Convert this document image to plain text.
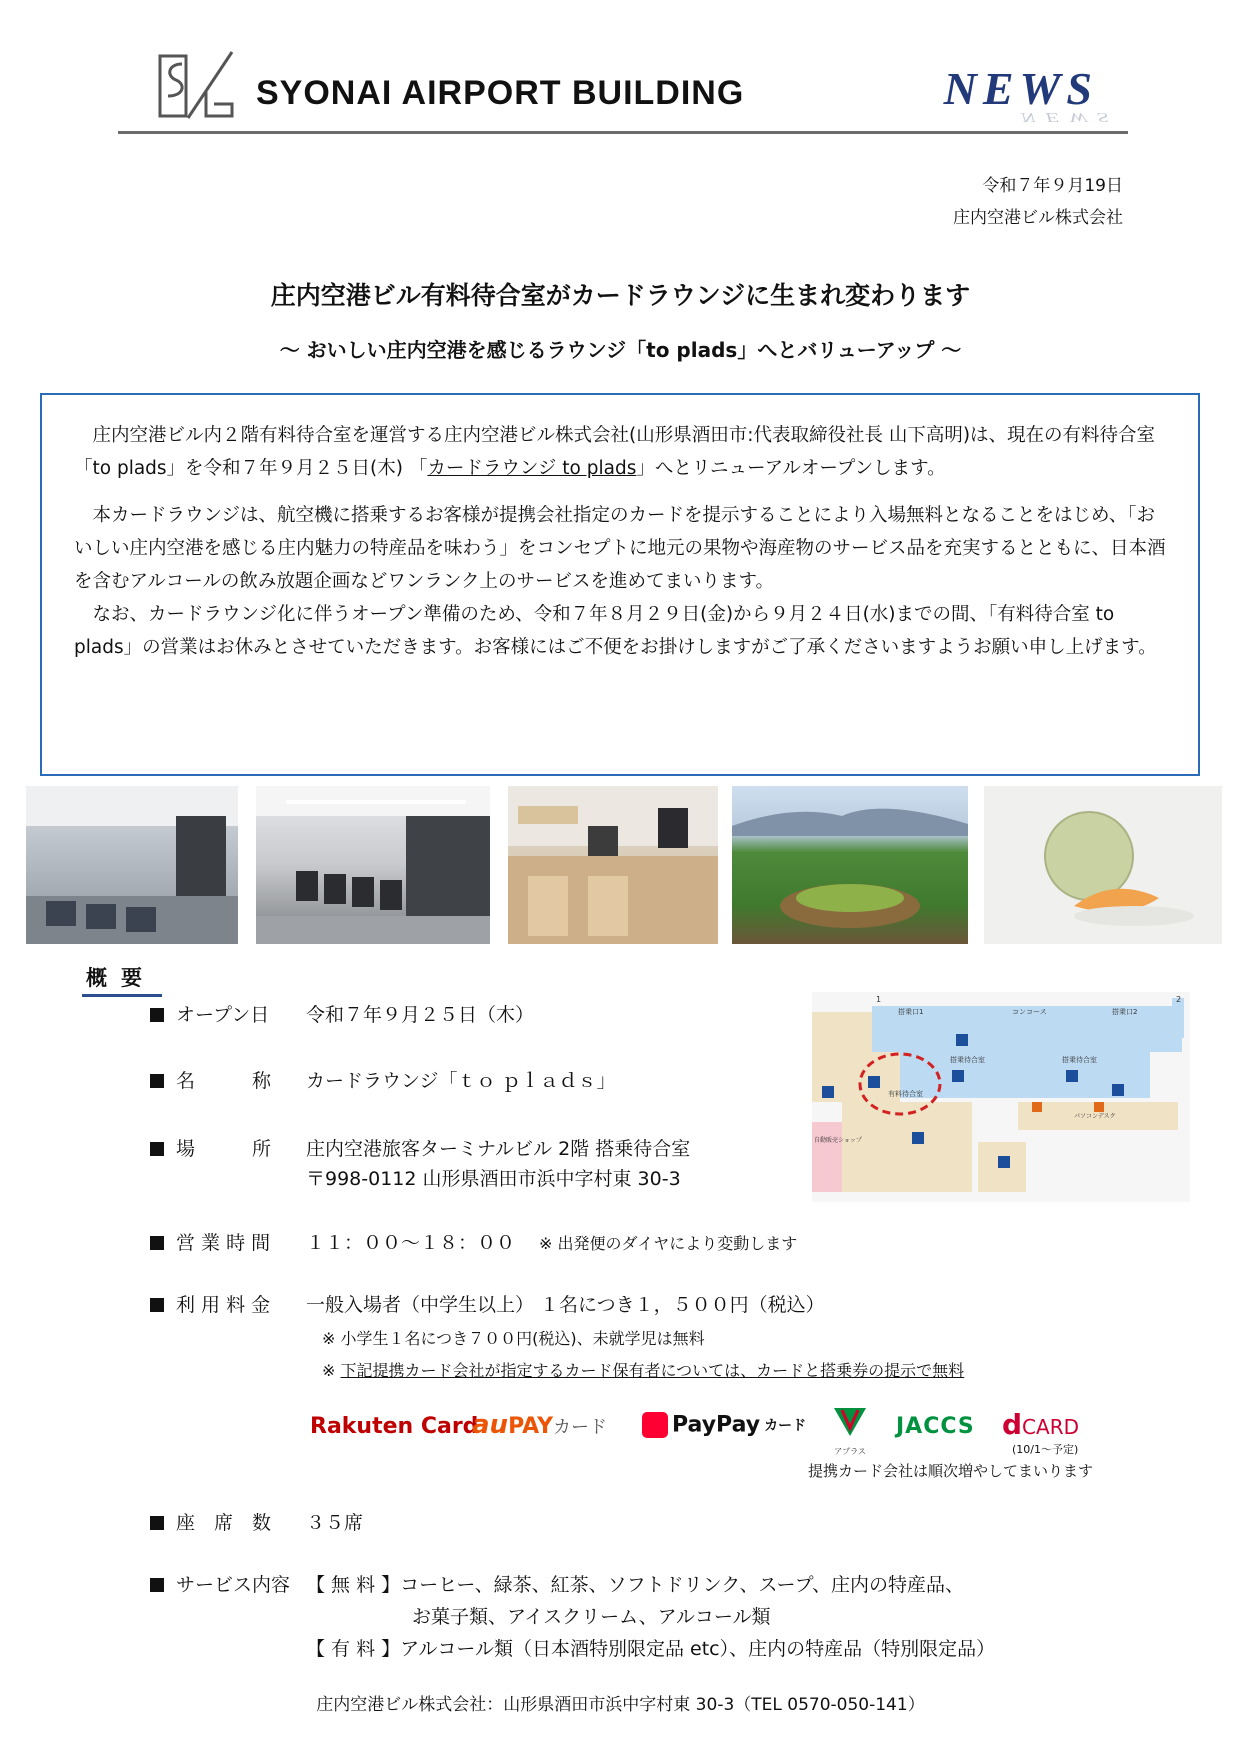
SYONAI AIRPORT BUILDING	NEWS
NEWS
令和７年９月19日
庄内空港ビル株式会社
庄内空港ビル有料待合室がカードラウンジに生まれ変わります
～ おいしい庄内空港を感じるラウンジ「to plads」へとバリューアップ ～

　庄内空港ビル内２階有料待合室を運営する庄内空港ビル株式会社(山形県酒田市:代表取締役社長 山下高明)は、現在の有料待合室「to plads」を令和７年９月２５日(木) 「カードラウンジ to plads」へとリニューアルオープンします。

　本カードラウンジは、航空機に搭乗するお客様が提携会社指定のカードを提示することにより入場無料となることをはじめ、「おいしい庄内空港を感じる庄内魅力の特産品を味わう」をコンセプトに地元の果物や海産物のサービス品を充実するとともに、日本酒を含むアルコールの飲み放題企画などワンランク上のサービスを進めてまいります。

　なお、カードラウンジ化に伴うオープン準備のため、令和７年８月２９日(金)から９月２４日(水)までの間、「有料待合室 to plads」の営業はお休みとさせていただきます。お客様にはご不便をお掛けしますがご了承くださいますようお願い申し上げます。

概要
オープン日 令和７年９月２５日（木）
名　　　称 カードラウンジ「ｔｏ ｐｌａｄｓ」
場　　　所 庄内空港旅客ターミナルビル 2階 搭乗待合室
〒998-0112 山形県酒田市浜中字村東 30-3
搭乗口1	コンコース	搭乗口2
搭乗待合室	搭乗待合室
有料待合室
自動販売ショップ
パソコンデスク
1	2
営 業 時 間 １１：００～１８：００ ※ 出発便のダイヤにより変動します
利 用 料 金 一般入場者（中学生以上） １名につき１，５００円（税込）
※ 小学生１名につき７００円(税込)、未就学児は無料
※ 下記提携カード会社が指定するカード保有者については、カードと搭乗券の提示で無料
Rakuten Card
auPAYカード	PayPay カード
アプラス
JACCS dCARD
(10/1～予定)
提携カード会社は順次増やしてまいります
座　席　数 ３５席
サービス内容 【 無 料 】コーヒー、緑茶、紅茶、ソフトドリンク、スープ、庄内の特産品、
お菓子類、アイスクリーム、アルコール類
【 有 料 】アルコール類（日本酒特別限定品 etc）、庄内の特産品（特別限定品）
庄内空港ビル株式会社：山形県酒田市浜中字村東 30-3（TEL 0570-050-141）
